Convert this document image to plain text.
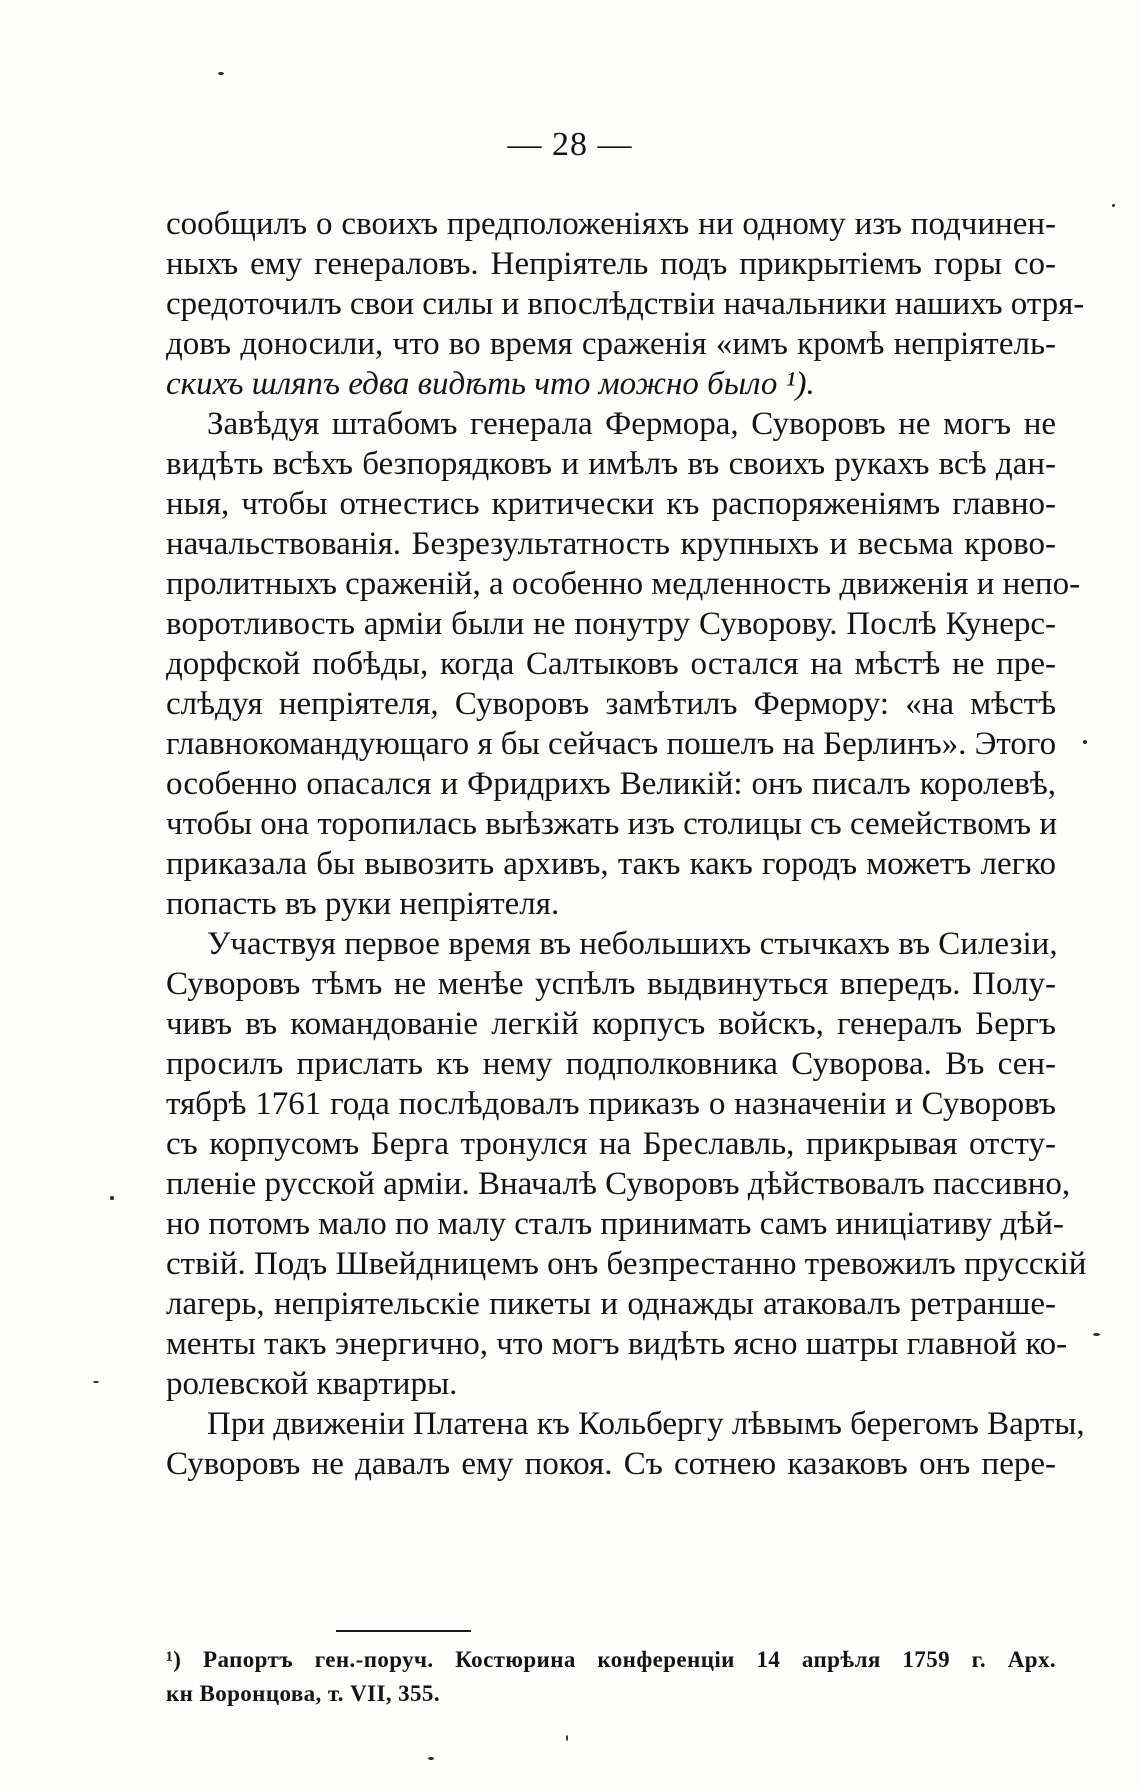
— 28 —

сообщилъ о своихъ предположеніяхъ ни одному изъ подчинен-
ныхъ ему генераловъ. Непріятель подъ прикрытіемъ горы со-
средоточилъ свои силы и впослѣдствіи начальники нашихъ отря-
довъ доносили, что во время сраженія «имъ кромѣ непріятель-
скихъ шляпъ едва видѣть что можно было ¹).

Завѣдуя штабомъ генерала Фермора, Суворовъ не могъ не
видѣть всѣхъ безпорядковъ и имѣлъ въ своихъ рукахъ всѣ дан-
ныя, чтобы отнестись критически къ распоряженіямъ главно-
начальствованія. Безрезультатность крупныхъ и весьма крово-
пролитныхъ сраженій, а особенно медленность движенія и непо-
воротливость арміи были не понутру Суворову. Послѣ Кунерс-
дорфской побѣды, когда Салтыковъ остался на мѣстѣ не пре-
слѣдуя непріятеля, Суворовъ замѣтилъ Фермору: «на мѣстѣ
главнокомандующаго я бы сейчасъ пошелъ на Берлинъ». Этого
особенно опасался и Фридрихъ Великій: онъ писалъ королевѣ,
чтобы она торопилась выѣзжать изъ столицы съ семействомъ и
приказала бы вывозить архивъ, такъ какъ городъ можетъ легко
попасть въ руки непріятеля.

Участвуя первое время въ небольшихъ стычкахъ въ Силезіи,
Суворовъ тѣмъ не менѣе успѣлъ выдвинуться впередъ. Полу-
чивъ въ командованіе легкій корпусъ войскъ, генералъ Бергъ
просилъ прислать къ нему подполковника Суворова. Въ сен-
тябрѣ 1761 года послѣдовалъ приказъ о назначеніи и Суворовъ
съ корпусомъ Берга тронулся на Бреславль, прикрывая отсту-
пленіе русской арміи. Вначалѣ Суворовъ дѣйствовалъ пассивно,
но потомъ мало по малу сталъ принимать самъ иниціативу дѣй-
ствій. Подъ Швейдницемъ онъ безпрестанно тревожилъ прусскій
лагерь, непріятельскіе пикеты и однажды атаковалъ ретранше-
менты такъ энергично, что могъ видѣть ясно шатры главной ко-
ролевской квартиры.

При движеніи Платена къ Кольбергу лѣвымъ берегомъ Варты,
Суворовъ не давалъ ему покоя. Съ сотнею казаковъ онъ пере-

¹) Рапортъ ген.-поруч. Костюрина конференціи 14 апрѣля 1759 г. Арх.
кн Воронцова, т. VII, 355.
